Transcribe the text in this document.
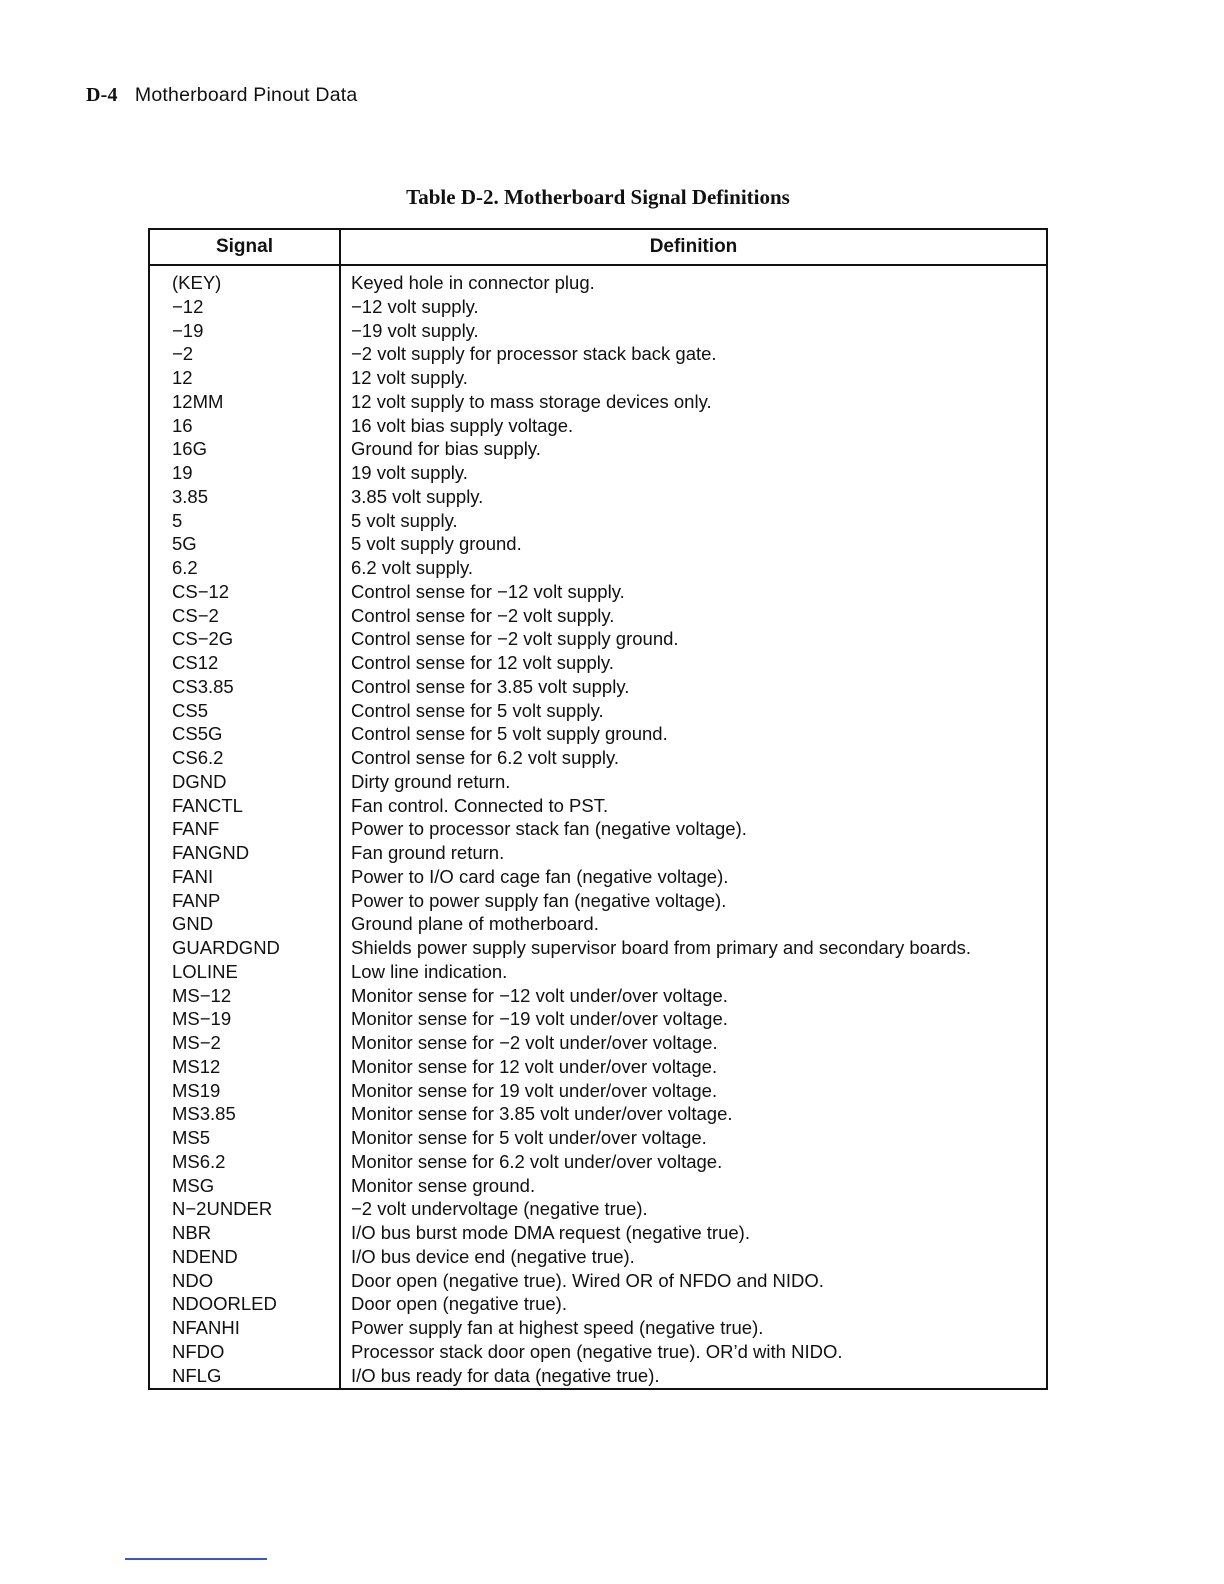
D-4 Motherboard Pinout Data
Table D-2. Motherboard Signal Definitions
Signal	Definition
(KEY)	Keyed hole in connector plug.
−12	−12 volt supply.
−19	−19 volt supply.
−2	−2 volt supply for processor stack back gate.
12	12 volt supply.
12MM	12 volt supply to mass storage devices only.
16	16 volt bias supply voltage.
16G	Ground for bias supply.
19	19 volt supply.
3.85	3.85 volt supply.
5	5 volt supply.
5G	5 volt supply ground.
6.2	6.2 volt supply.
CS−12	Control sense for −12 volt supply.
CS−2	Control sense for −2 volt supply.
CS−2G	Control sense for −2 volt supply ground.
CS12	Control sense for 12 volt supply.
CS3.85	Control sense for 3.85 volt supply.
CS5	Control sense for 5 volt supply.
CS5G	Control sense for 5 volt supply ground.
CS6.2	Control sense for 6.2 volt supply.
DGND	Dirty ground return.
FANCTL	Fan control. Connected to PST.
FANF	Power to processor stack fan (negative voltage).
FANGND	Fan ground return.
FANI	Power to I/O card cage fan (negative voltage).
FANP	Power to power supply fan (negative voltage).
GND	Ground plane of motherboard.
GUARDGND	Shields power supply supervisor board from primary and secondary boards.
LOLINE	Low line indication.
MS−12	Monitor sense for −12 volt under/over voltage.
MS−19	Monitor sense for −19 volt under/over voltage.
MS−2	Monitor sense for −2 volt under/over voltage.
MS12	Monitor sense for 12 volt under/over voltage.
MS19	Monitor sense for 19 volt under/over voltage.
MS3.85	Monitor sense for 3.85 volt under/over voltage.
MS5	Monitor sense for 5 volt under/over voltage.
MS6.2	Monitor sense for 6.2 volt under/over voltage.
MSG	Monitor sense ground.
N−2UNDER	−2 volt undervoltage (negative true).
NBR	I/O bus burst mode DMA request (negative true).
NDEND	I/O bus device end (negative true).
NDO	Door open (negative true). Wired OR of NFDO and NIDO.
NDOORLED	Door open (negative true).
NFANHI	Power supply fan at highest speed (negative true).
NFDO	Processor stack door open (negative true). OR’d with NIDO.
NFLG	I/O bus ready for data (negative true).
